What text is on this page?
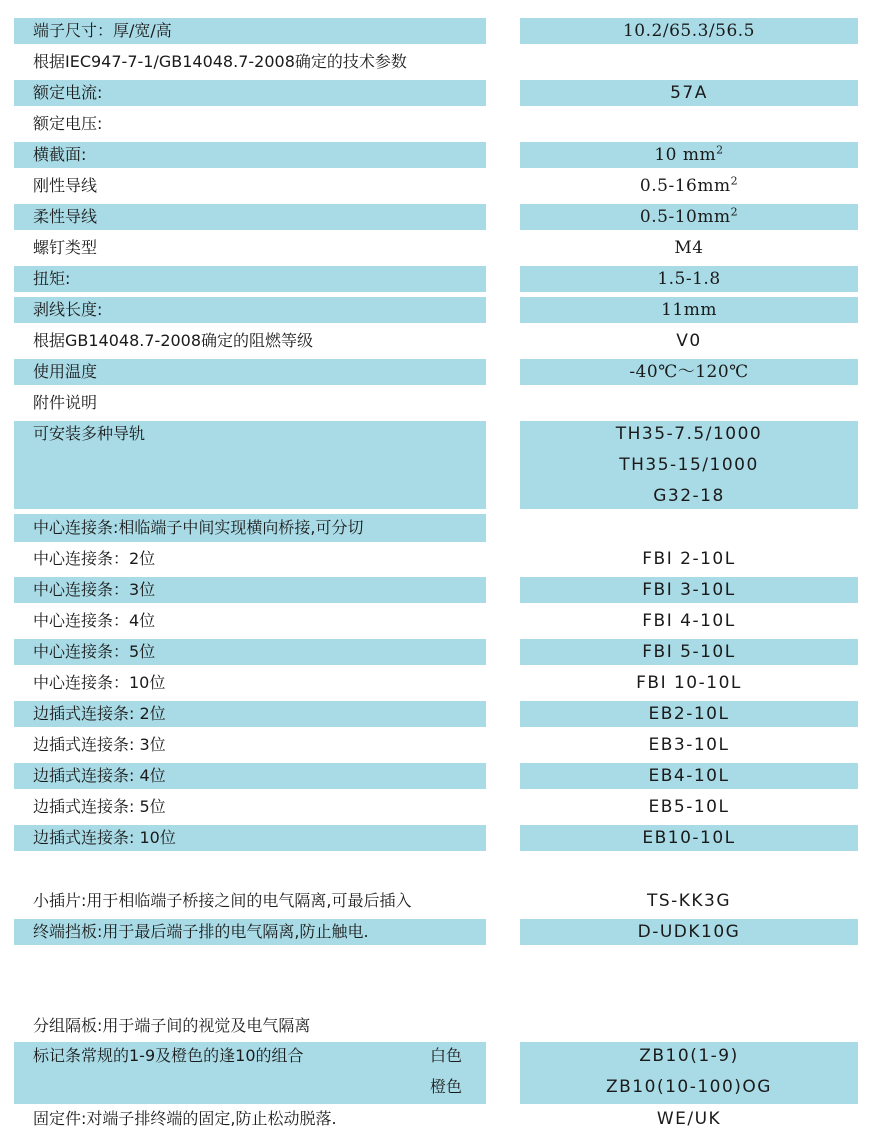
端子尺寸：厚/宽/高	10.2/65.3/56.5
根据IEC947-7-1/GB14048.7-2008确定的技术参数
额定电流:	57A
额定电压:
横截面:	10 $mm^2$
刚性导线	$0.5-16mm^2$
柔性导线	$0.5-10mm^2$
螺钉类型	M4
扭矩:	1.5-1.8
剥线长度:	11mm
根据GB14048.7-2008确定的阻燃等级	V0
使用温度	-40℃～120℃
附件说明
可安装多种导轨	TH35-7.5/1000
TH35-15/1000
G32-18
中心连接条:相临端子中间实现横向桥接,可分切
中心连接条：2位	FBI 2-10L
中心连接条：3位	FBI 3-10L
中心连接条：4位	FBI 4-10L
中心连接条：5位	FBI 5-10L
中心连接条：10位	FBI 10-10L
边插式连接条: 2位	EB2-10L
边插式连接条: 3位	EB3-10L
边插式连接条: 4位	EB4-10L
边插式连接条: 5位	EB5-10L
边插式连接条: 10位	EB10-10L
小插片:用于相临端子桥接之间的电气隔离,可最后插入	TS-KK3G
终端挡板:用于最后端子排的电气隔离,防止触电.	D-UDK10G
分组隔板:用于端子间的视觉及电气隔离
标记条常规的1-9及橙色的逢10的组合	白色	ZB10(1-9)
橙色	ZB10(10-100)OG
固定件:对端子排终端的固定,防止松动脱落.	WE/UK
